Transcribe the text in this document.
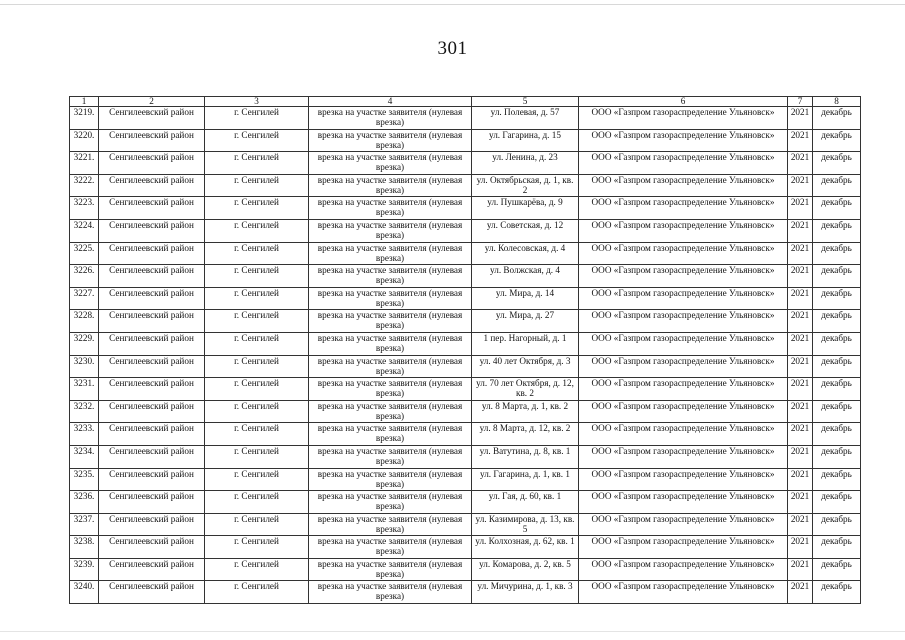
301
1	2	3	4	5	6	7	8
3219.	Сенгилеевский район	г. Сенгилей	врезка на участке заявителя (нулевая врезка)	ул. Полевая, д. 57	ООО «Газпром газораспределение Ульяновск»	2021	декабрь
3220.	Сенгилеевский район	г. Сенгилей	врезка на участке заявителя (нулевая врезка)	ул. Гагарина, д. 15	ООО «Газпром газораспределение Ульяновск»	2021	декабрь
3221.	Сенгилеевский район	г. Сенгилей	врезка на участке заявителя (нулевая врезка)	ул. Ленина, д. 23	ООО «Газпром газораспределение Ульяновск»	2021	декабрь
3222.	Сенгилеевский район	г. Сенгилей	врезка на участке заявителя (нулевая врезка)	ул. Октябрьская, д. 1, кв. 2	ООО «Газпром газораспределение Ульяновск»	2021	декабрь
3223.	Сенгилеевский район	г. Сенгилей	врезка на участке заявителя (нулевая врезка)	ул. Пушкарёва, д. 9	ООО «Газпром газораспределение Ульяновск»	2021	декабрь
3224.	Сенгилеевский район	г. Сенгилей	врезка на участке заявителя (нулевая врезка)	ул. Советская, д. 12	ООО «Газпром газораспределение Ульяновск»	2021	декабрь
3225.	Сенгилеевский район	г. Сенгилей	врезка на участке заявителя (нулевая врезка)	ул. Колесовская, д. 4	ООО «Газпром газораспределение Ульяновск»	2021	декабрь
3226.	Сенгилеевский район	г. Сенгилей	врезка на участке заявителя (нулевая врезка)	ул. Волжская, д. 4	ООО «Газпром газораспределение Ульяновск»	2021	декабрь
3227.	Сенгилеевский район	г. Сенгилей	врезка на участке заявителя (нулевая врезка)	ул. Мира, д. 14	ООО «Газпром газораспределение Ульяновск»	2021	декабрь
3228.	Сенгилеевский район	г. Сенгилей	врезка на участке заявителя (нулевая врезка)	ул. Мира, д. 27	ООО «Газпром газораспределение Ульяновск»	2021	декабрь
3229.	Сенгилеевский район	г. Сенгилей	врезка на участке заявителя (нулевая врезка)	1 пер. Нагорный, д. 1	ООО «Газпром газораспределение Ульяновск»	2021	декабрь
3230.	Сенгилеевский район	г. Сенгилей	врезка на участке заявителя (нулевая врезка)	ул. 40 лет Октября, д. 3	ООО «Газпром газораспределение Ульяновск»	2021	декабрь
3231.	Сенгилеевский район	г. Сенгилей	врезка на участке заявителя (нулевая врезка)	ул. 70 лет Октября, д. 12, кв. 2	ООО «Газпром газораспределение Ульяновск»	2021	декабрь
3232.	Сенгилеевский район	г. Сенгилей	врезка на участке заявителя (нулевая врезка)	ул. 8 Марта, д. 1, кв. 2	ООО «Газпром газораспределение Ульяновск»	2021	декабрь
3233.	Сенгилеевский район	г. Сенгилей	врезка на участке заявителя (нулевая врезка)	ул. 8 Марта, д. 12, кв. 2	ООО «Газпром газораспределение Ульяновск»	2021	декабрь
3234.	Сенгилеевский район	г. Сенгилей	врезка на участке заявителя (нулевая врезка)	ул. Ватутина, д. 8, кв. 1	ООО «Газпром газораспределение Ульяновск»	2021	декабрь
3235.	Сенгилеевский район	г. Сенгилей	врезка на участке заявителя (нулевая врезка)	ул. Гагарина, д. 1, кв. 1	ООО «Газпром газораспределение Ульяновск»	2021	декабрь
3236.	Сенгилеевский район	г. Сенгилей	врезка на участке заявителя (нулевая врезка)	ул. Гая, д. 60, кв. 1	ООО «Газпром газораспределение Ульяновск»	2021	декабрь
3237.	Сенгилеевский район	г. Сенгилей	врезка на участке заявителя (нулевая врезка)	ул. Казимирова, д. 13, кв. 5	ООО «Газпром газораспределение Ульяновск»	2021	декабрь
3238.	Сенгилеевский район	г. Сенгилей	врезка на участке заявителя (нулевая врезка)	ул. Колхозная, д. 62, кв. 1	ООО «Газпром газораспределение Ульяновск»	2021	декабрь
3239.	Сенгилеевский район	г. Сенгилей	врезка на участке заявителя (нулевая врезка)	ул. Комарова, д. 2, кв. 5	ООО «Газпром газораспределение Ульяновск»	2021	декабрь
3240.	Сенгилеевский район	г. Сенгилей	врезка на участке заявителя (нулевая врезка)	ул. Мичурина, д. 1, кв. 3	ООО «Газпром газораспределение Ульяновск»	2021	декабрь
